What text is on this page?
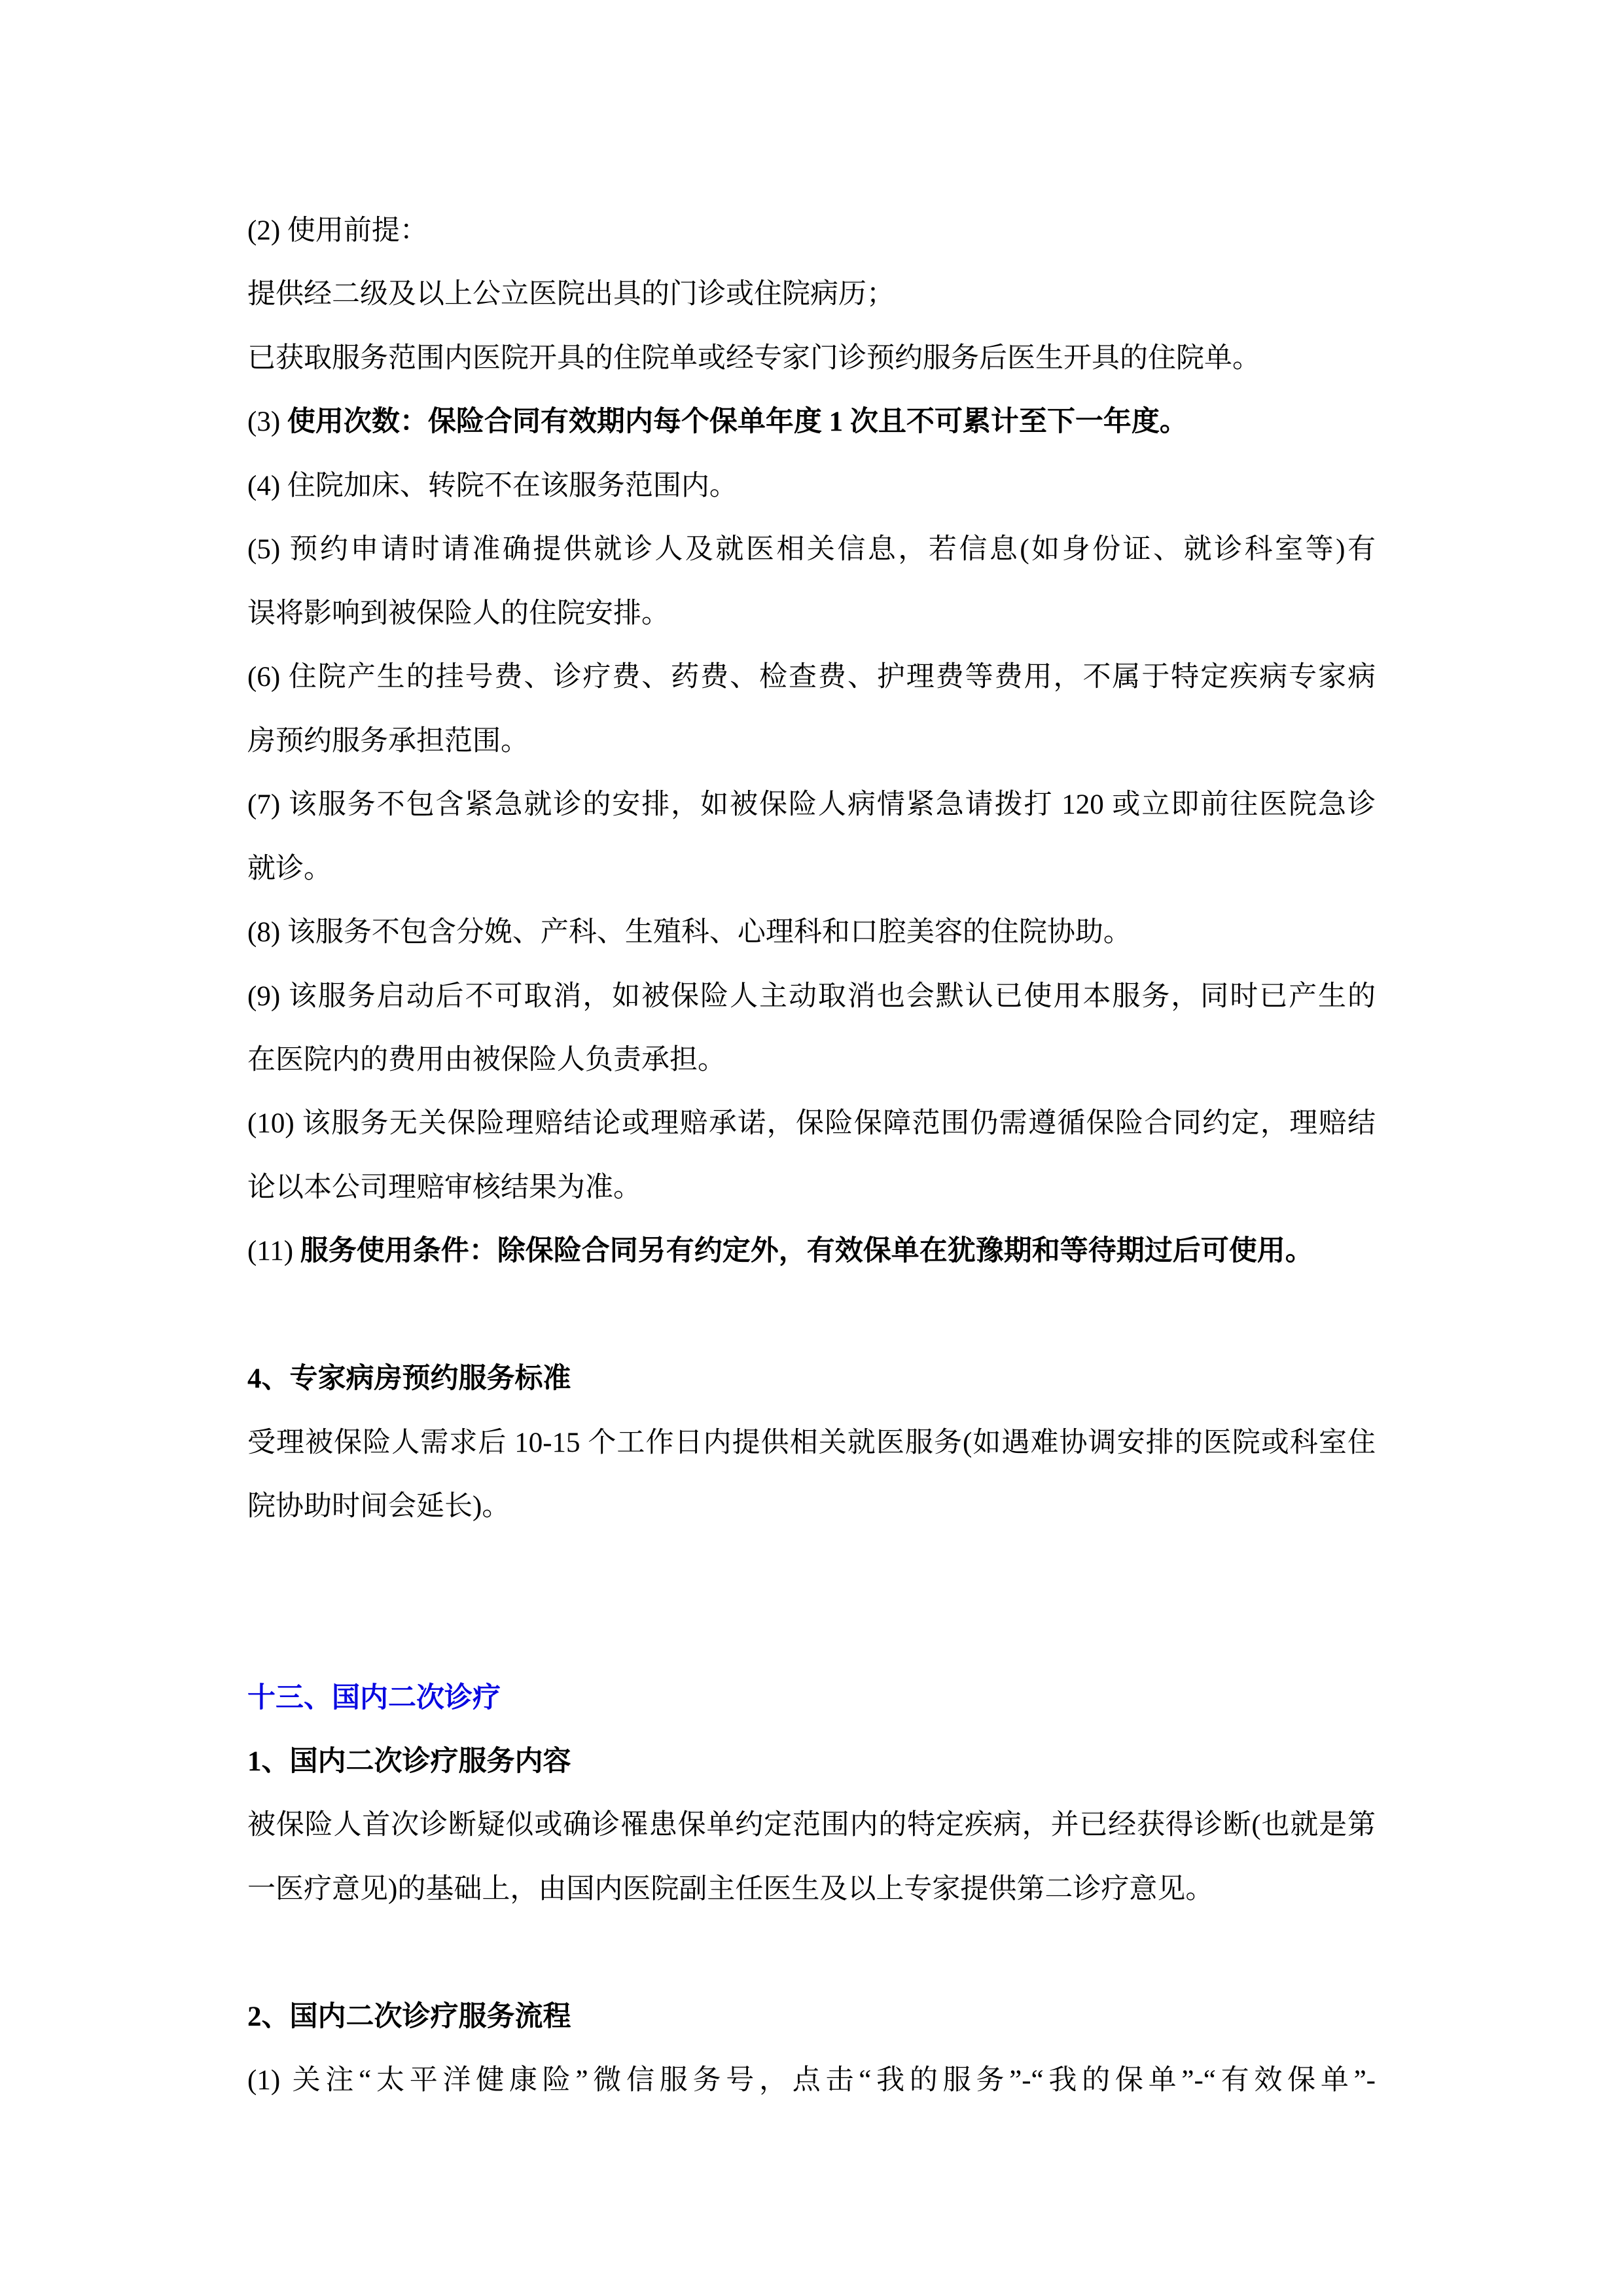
(2) 使用前提：
提供经二级及以上公立医院出具的门诊或住院病历；
已获取服务范围内医院开具的住院单或经专家门诊预约服务后医生开具的住院单。
(3) 使用次数：保险合同有效期内每个保单年度 1 次且不可累计至下一年度。
(4) 住院加床、转院不在该服务范围内。
(5) 预约申请时请准确提供就诊人及就医相关信息，若信息(如身份证、就诊科室等)有
误将影响到被保险人的住院安排。
(6) 住院产生的挂号费、诊疗费、药费、检查费、护理费等费用，不属于特定疾病专家病
房预约服务承担范围。
(7) 该服务不包含紧急就诊的安排，如被保险人病情紧急请拨打 120 或立即前往医院急诊
就诊。
(8) 该服务不包含分娩、产科、生殖科、心理科和口腔美容的住院协助。
(9) 该服务启动后不可取消，如被保险人主动取消也会默认已使用本服务，同时已产生的
在医院内的费用由被保险人负责承担。
(10) 该服务无关保险理赔结论或理赔承诺，保险保障范围仍需遵循保险合同约定，理赔结
论以本公司理赔审核结果为准。
(11) 服务使用条件：除保险合同另有约定外，有效保单在犹豫期和等待期过后可使用。
4、专家病房预约服务标准
受理被保险人需求后 10-15 个工作日内提供相关就医服务(如遇难协调安排的医院或科室住
院协助时间会延长)。
十三、国内二次诊疗
1、国内二次诊疗服务内容
被保险人首次诊断疑似或确诊罹患保单约定范围内的特定疾病，并已经获得诊断(也就是第
一医疗意见)的基础上，由国内医院副主任医生及以上专家提供第二诊疗意见。
2、国内二次诊疗服务流程
(1) 关注“太平洋健康险”微信服务号，点击“我的服务”-“我的保单”-“有效保单”-
